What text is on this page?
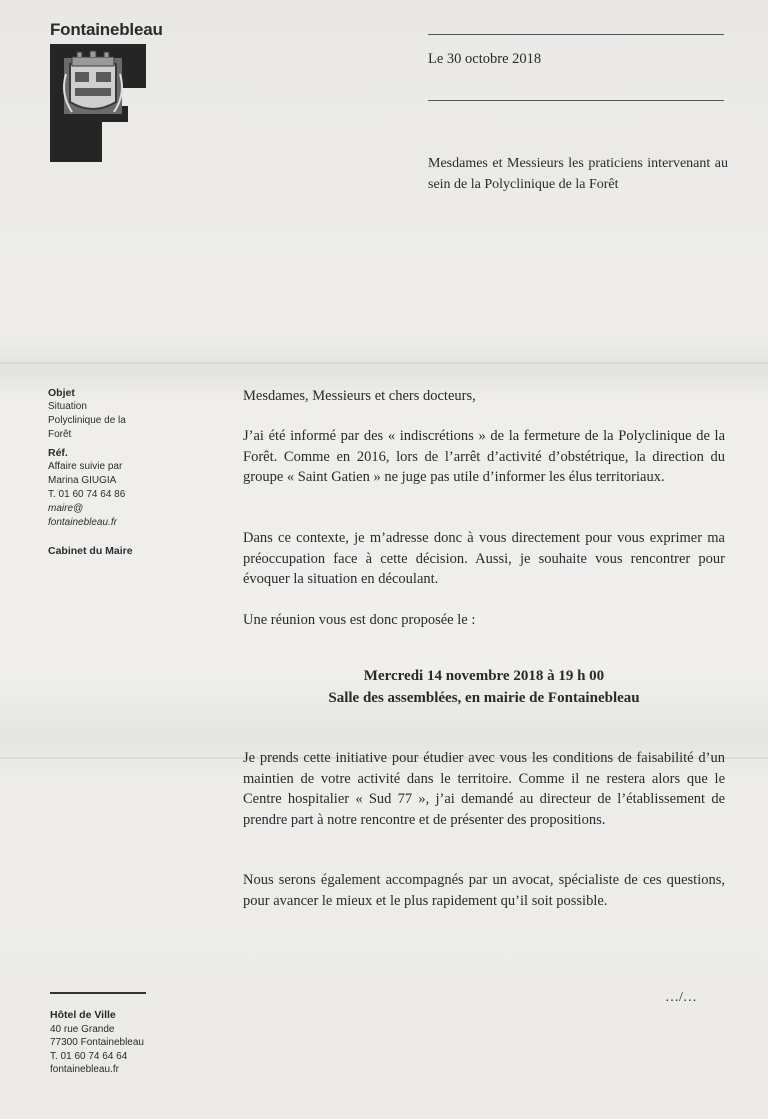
Fontainebleau
Le 30 octobre 2018
Mesdames et Messieurs les praticiens intervenant au sein de la Polyclinique de la Forêt
Objet
Situation
Polyclinique de la
Forêt
Réf.
Affaire suivie par
Marina GIUGIA
T. 01 60 74 64 86
maire@
fontainebleau.fr
Cabinet du Maire

Mesdames, Messieurs et chers docteurs,

J’ai été informé par des « indiscrétions » de la fermeture de la Polyclinique de la Forêt. Comme en 2016, lors de l’arrêt d’activité d’obstétrique, la direction du groupe « Saint Gatien » ne juge pas utile d’informer les élus territoriaux.

Dans ce contexte, je m’adresse donc à vous directement pour vous exprimer ma préoccupation face à cette décision. Aussi, je souhaite vous rencontrer pour évoquer la situation en découlant.

Une réunion vous est donc proposée le :

Mercredi 14 novembre 2018 à 19 h 00
Salle des assemblées, en mairie de Fontainebleau

Je prends cette initiative pour étudier avec vous les conditions de faisabilité d’un maintien de votre activité dans le territoire. Comme il ne restera alors que le Centre hospitalier « Sud 77 », j’ai demandé au directeur de l’établissement de prendre part à notre rencontre et de présenter des propositions.

Nous serons également accompagnés par un avocat, spécialiste de ces questions, pour avancer le mieux et le plus rapidement qu’il soit possible.

Hôtel de Ville
40 rue Grande
77300 Fontainebleau
T. 01 60 74 64 64
fontainebleau.fr
…/…
